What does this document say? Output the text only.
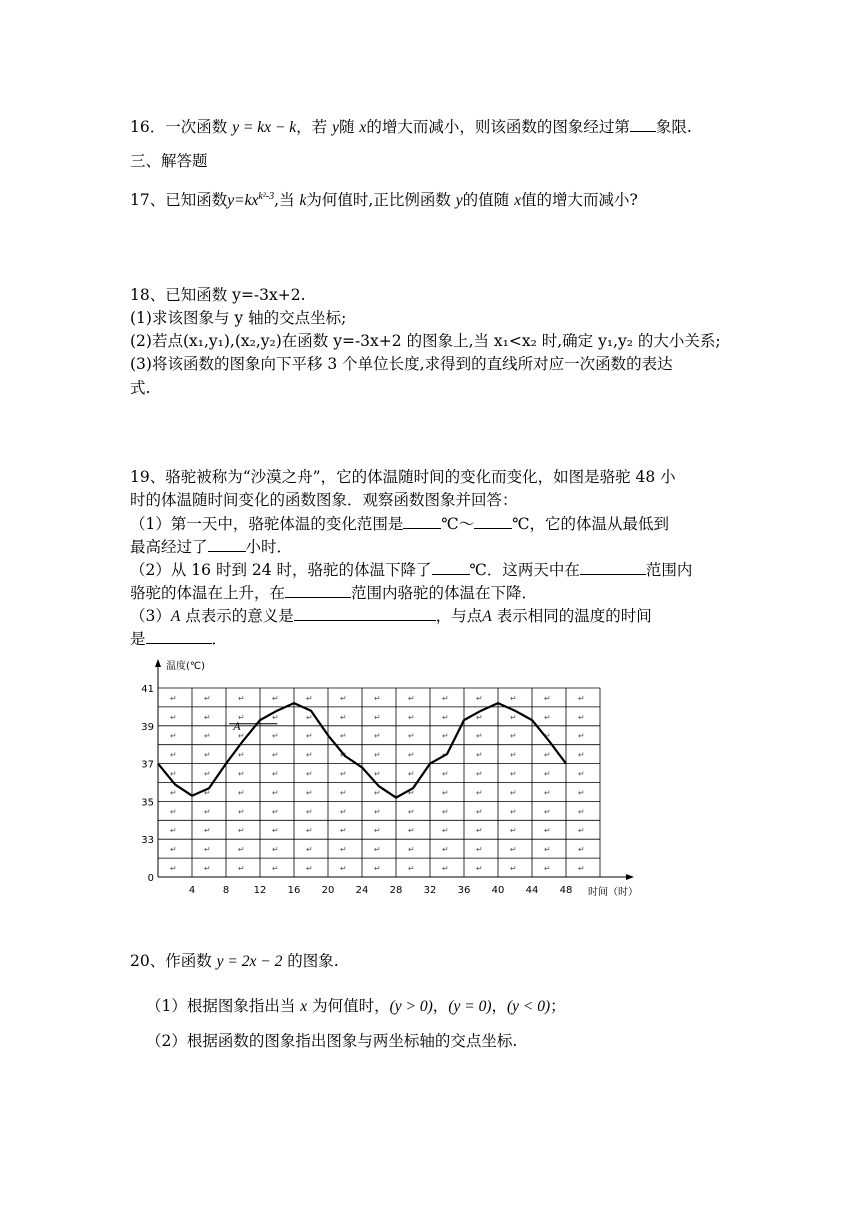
16．一次函数 y = kx − k，若 y随 x的增大而减小，则该函数的图象经过第 象限.
三、解答题
17、已知函数$y=kx^{k^2-3}$,当 k为何值时,正比例函数 y的值随 x值的增大而减小?
18、已知函数 y=-3x+2.
(1)求该图象与 y 轴的交点坐标;
(2)若点(x₁,y₁),(x₂,y₂)在函数 y=-3x+2 的图象上,当 x₁<x₂ 时,确定 y₁,y₂ 的大小关系;
(3)将该函数的图象向下平移 3 个单位长度,求得到的直线所对应一次函数的表达
式.
19、骆驼被称为“沙漠之舟”，它的体温随时间的变化而变化，如图是骆驼 48 小
时的体温随时间变化的函数图象．观察函数图象并回答：
（1）第一天中，骆驼体温的变化范围是 ℃～ ℃，它的体温从最低到
最高经过了 小时．
（2）从 16 时到 24 时，骆驼的体温下降了 ℃．这两天中在	范围内
骆驼的体温在上升，在	范围内骆驼的体温在下降．
（3）A 点表示的意义是	，与点A 表示相同的温度的时间
是	．
↵
↵
↵
↵
↵
↵
↵
↵
↵
↵
↵
↵
↵
↵
↵
↵
↵
↵
↵
↵
↵
↵
↵
↵
↵
↵
↵
↵
↵
↵
↵
↵
↵
↵
↵
↵
↵
↵
↵
↵
↵
↵
↵
↵
↵
↵
↵
↵
↵
↵
↵
↵
↵
↵
↵
↵
↵
↵
↵
↵
↵
↵
↵
↵
↵
↵
↵
↵
↵
↵
↵
↵
↵
↵
↵
↵
↵
↵
↵
↵
↵
↵
↵
↵
↵
↵
↵
↵
↵
↵
↵
↵
↵
↵
↵
↵
↵
↵
↵
↵
↵
↵
↵
↵
↵
↵
↵
↵
↵
↵
↵
↵
↵
↵
↵
↵
↵
↵
↵
↵
↵
↵
↵
↵
↵
↵
↵
↵
↵
↵
温度(℃)
时间（时）
4	8 12 16 20 24 28 32 36 40 44 48
0
33
35
37
39
41
A
20、作函数 y = 2x − 2 的图象.
（1）根据图象指出当 x 为何值时，(y > 0)，(y = 0)，(y < 0)；
（2）根据函数的图象指出图象与两坐标轴的交点坐标.
